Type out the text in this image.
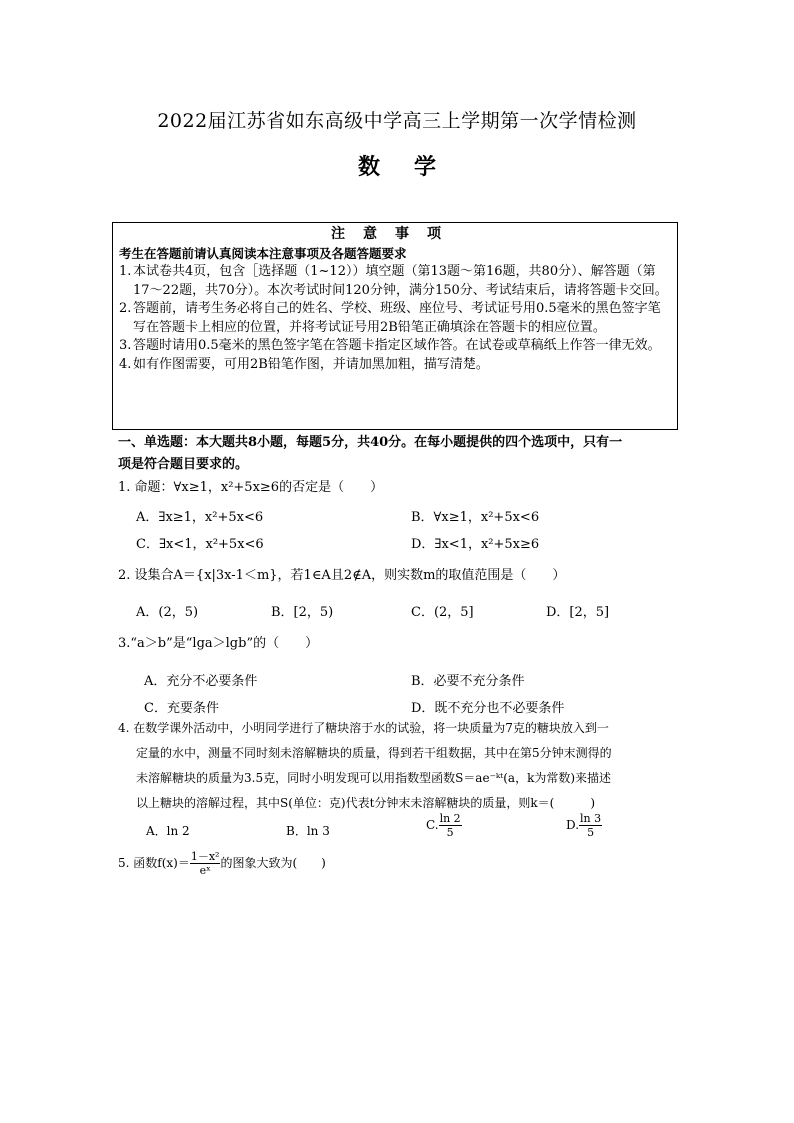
2022届江苏省如东高级中学高三上学期第一次学情检测
数学
注意事项
考生在答题前请认真阅读本注意事项及各题答题要求
1. 本试卷共4页，包含［选择题（1~12））填空题（第13题～第16题，共80分）、解答题（第17～22题，共70分）。本次考试时间120分钟，满分150分、考试结束后，请将答题卡交回。
2. 答题前，请考生务必将自己的姓名、学校、班级、座位号、考试证号用0.5毫米的黑色签字笔写在答题卡上相应的位置，并将考试证号用2B铅笔正确填涂在答题卡的相应位置。
3. 答题时请用0.5毫米的黑色签字笔在答题卡指定区域作答。在试卷或草稿纸上作答一律无效。
4. 如有作图需要，可用2B铅笔作图，并请加黑加粗，描写清楚。
一、单选题：本大题共8小题，每题5分，共40分。在每小题提供的四个选项中，只有一
项是符合题目要求的。
1. 命题：∀x≥1，x²+5x≥6的否定是（　　）
A．∃x≥1，x²+5x<6	B．∀x≥1，x²+5x<6
C．∃x<1，x²+5x<6	D．∃x<1，x²+5x≥6
2. 设集合A＝{x|3x-1＜m}，若1∈A且2∉A，则实数m的取值范围是（　　）
A．(2，5)	B．[2，5)	C．(2，5]	D．[2，5]
3.“a＞b”是“lga＞lgb”的（　　）
A．充分不必要条件	B．必要不充分条件
C．充要条件	D．既不充分也不必要条件
4. 在数学课外活动中，小明同学进行了糖块溶于水的试验，将一块质量为7克的糖块放入到一
定量的水中，测量不同时刻未溶解糖块的质量，得到若干组数据，其中在第5分钟末测得的
未溶解糖块的质量为3.5克，同时小明发现可以用指数型函数S＝ae⁻ᵏᵗ(a，k为常数)来描述
以上糖块的溶解过程，其中S(单位：克)代表t分钟末未溶解糖块的质量，则k＝(　　　)
A．ln 2	B．ln 3	C. $\frac{\ln 2}{5}$	D. $\frac{\ln 3}{5}$
5. 函数$f(x)= \frac{\text{1－x²}}{\text{eˣ}}$ 的图象大致为(　　)
